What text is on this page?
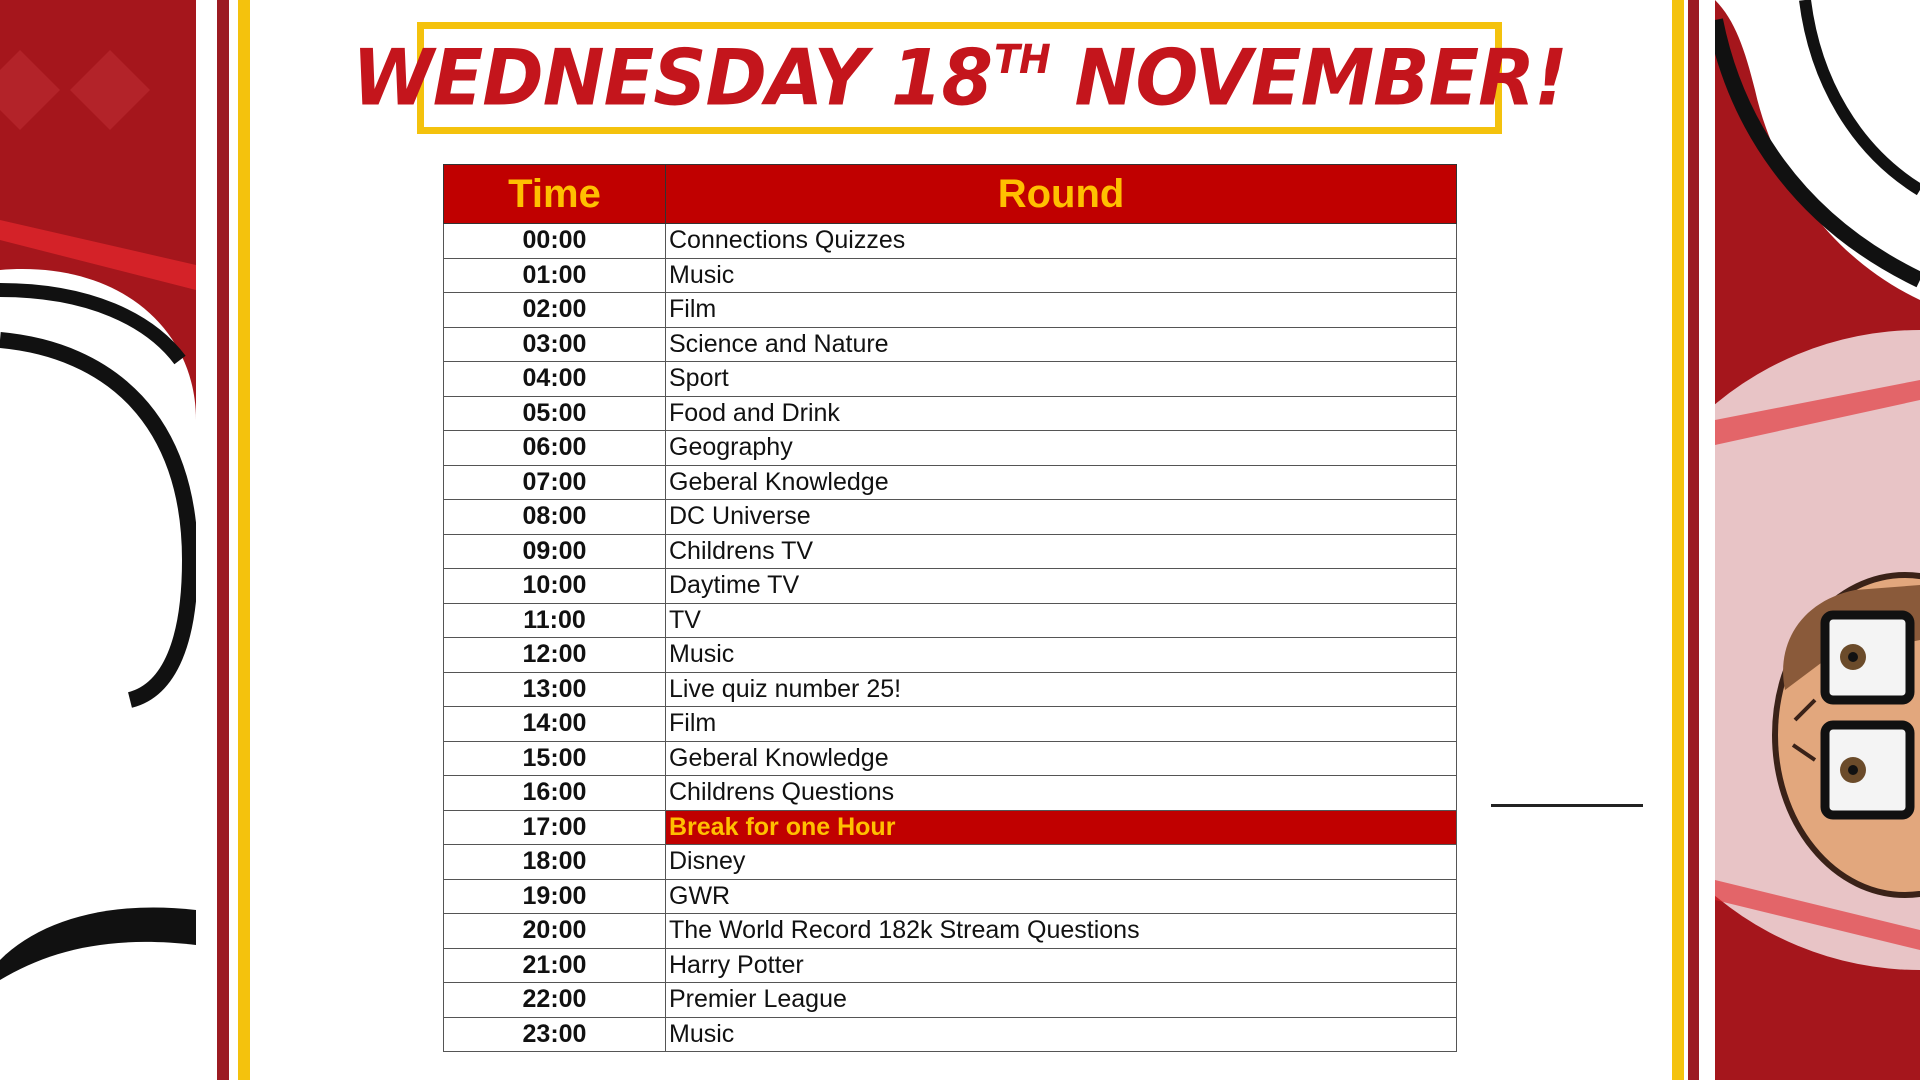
WEDNESDAY 18TH NOVEMBER!
Time	Round
00:00	Connections Quizzes
01:00	Music
02:00	Film
03:00	Science and Nature
04:00	Sport
05:00	Food and Drink
06:00	Geography
07:00	Geberal Knowledge
08:00	DC Universe
09:00	Childrens TV
10:00	Daytime TV
11:00	TV
12:00	Music
13:00	Live quiz number 25!
14:00	Film
15:00	Geberal Knowledge
16:00	Childrens Questions
17:00	Break for one Hour
18:00	Disney
19:00	GWR
20:00	The World Record 182k Stream Questions
21:00	Harry Potter
22:00	Premier League
23:00	Music
